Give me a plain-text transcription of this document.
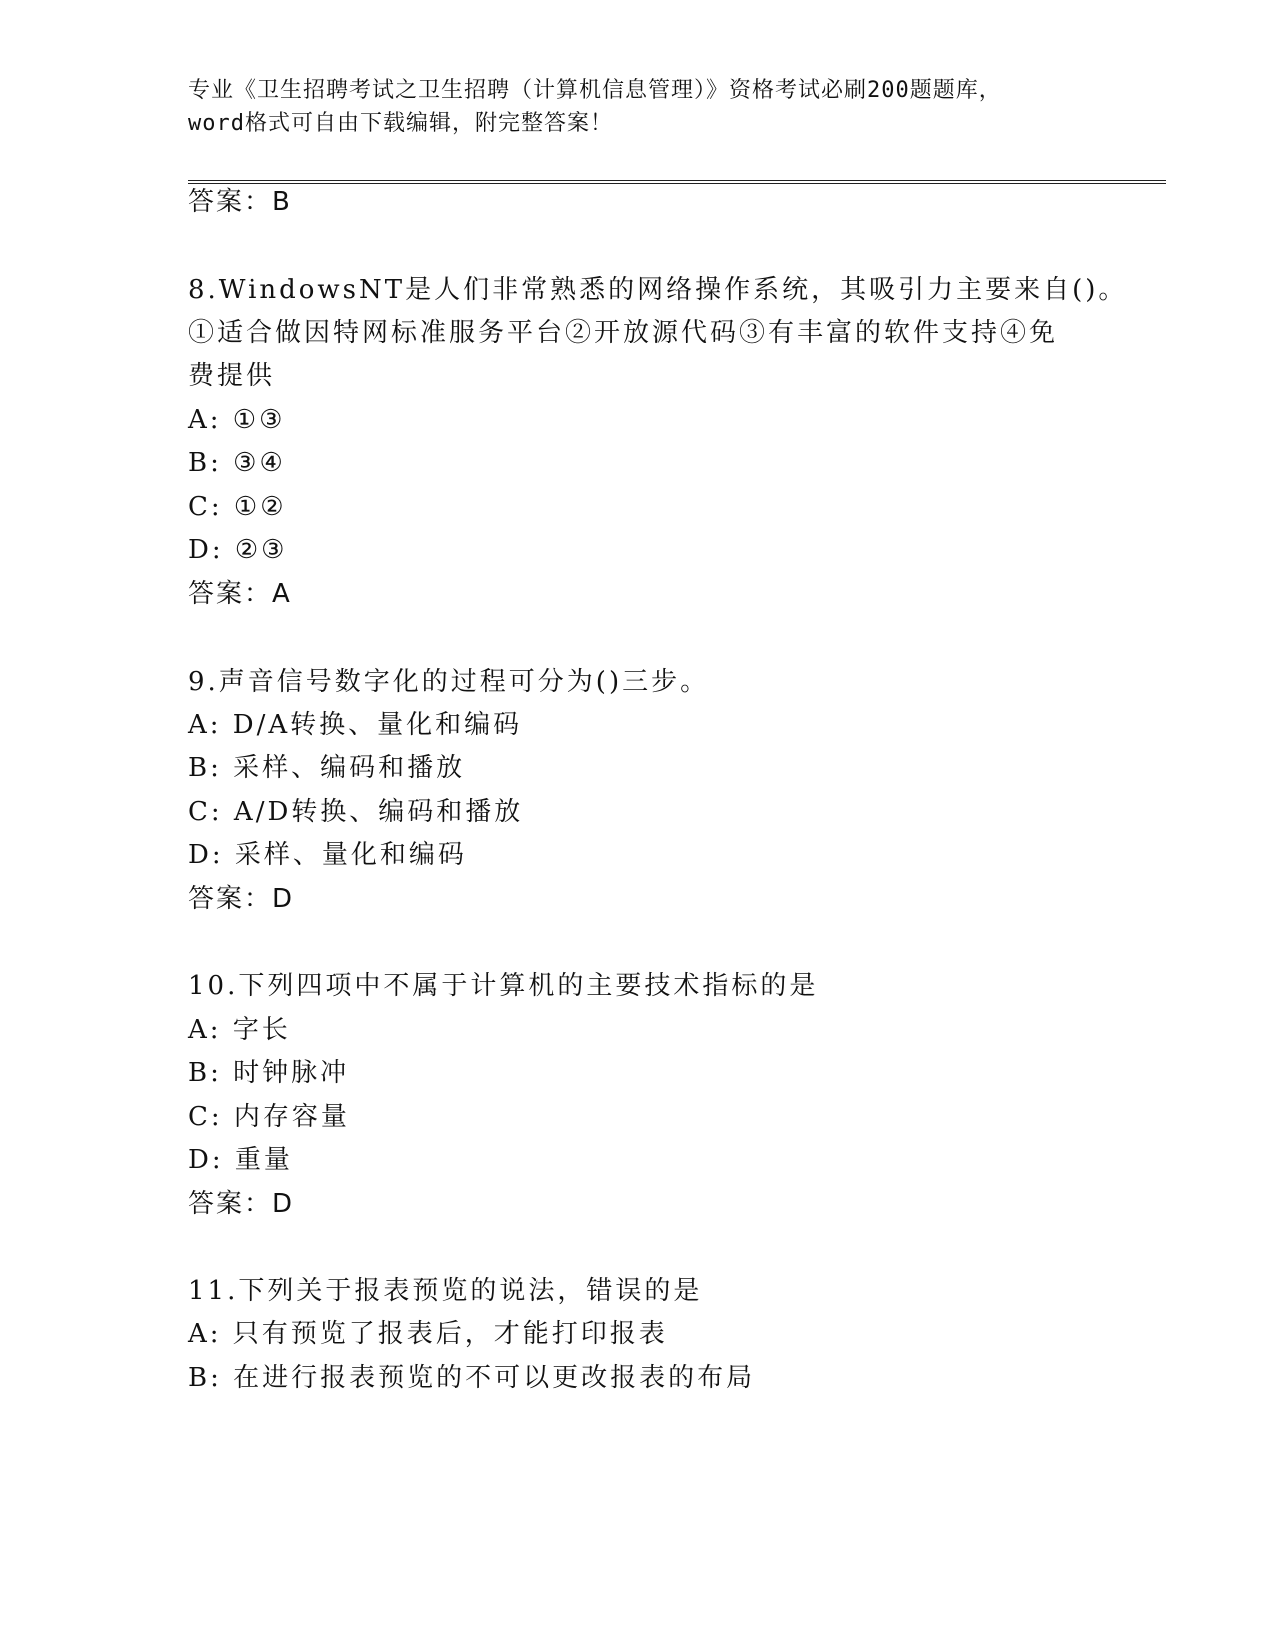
专业《卫生招聘考试之卫生招聘（计算机信息管理）》资格考试必刷200题题库，
word格式可自由下载编辑，附完整答案！
答案：B
8.WindowsNT是人们非常熟悉的网络操作系统，其吸引力主要来自()。
①适合做因特网标准服务平台②开放源代码③有丰富的软件支持④免
费提供
A: ①③
B: ③④
C: ①②
D: ②③
答案：A
9.声音信号数字化的过程可分为()三步。
A: D/A转换、量化和编码
B: 采样、编码和播放
C: A/D转换、编码和播放
D: 采样、量化和编码
答案：D
10.下列四项中不属于计算机的主要技术指标的是
A: 字长
B: 时钟脉冲
C: 内存容量
D: 重量
答案：D
11.下列关于报表预览的说法，错误的是
A: 只有预览了报表后，才能打印报表
B: 在进行报表预览的不可以更改报表的布局
